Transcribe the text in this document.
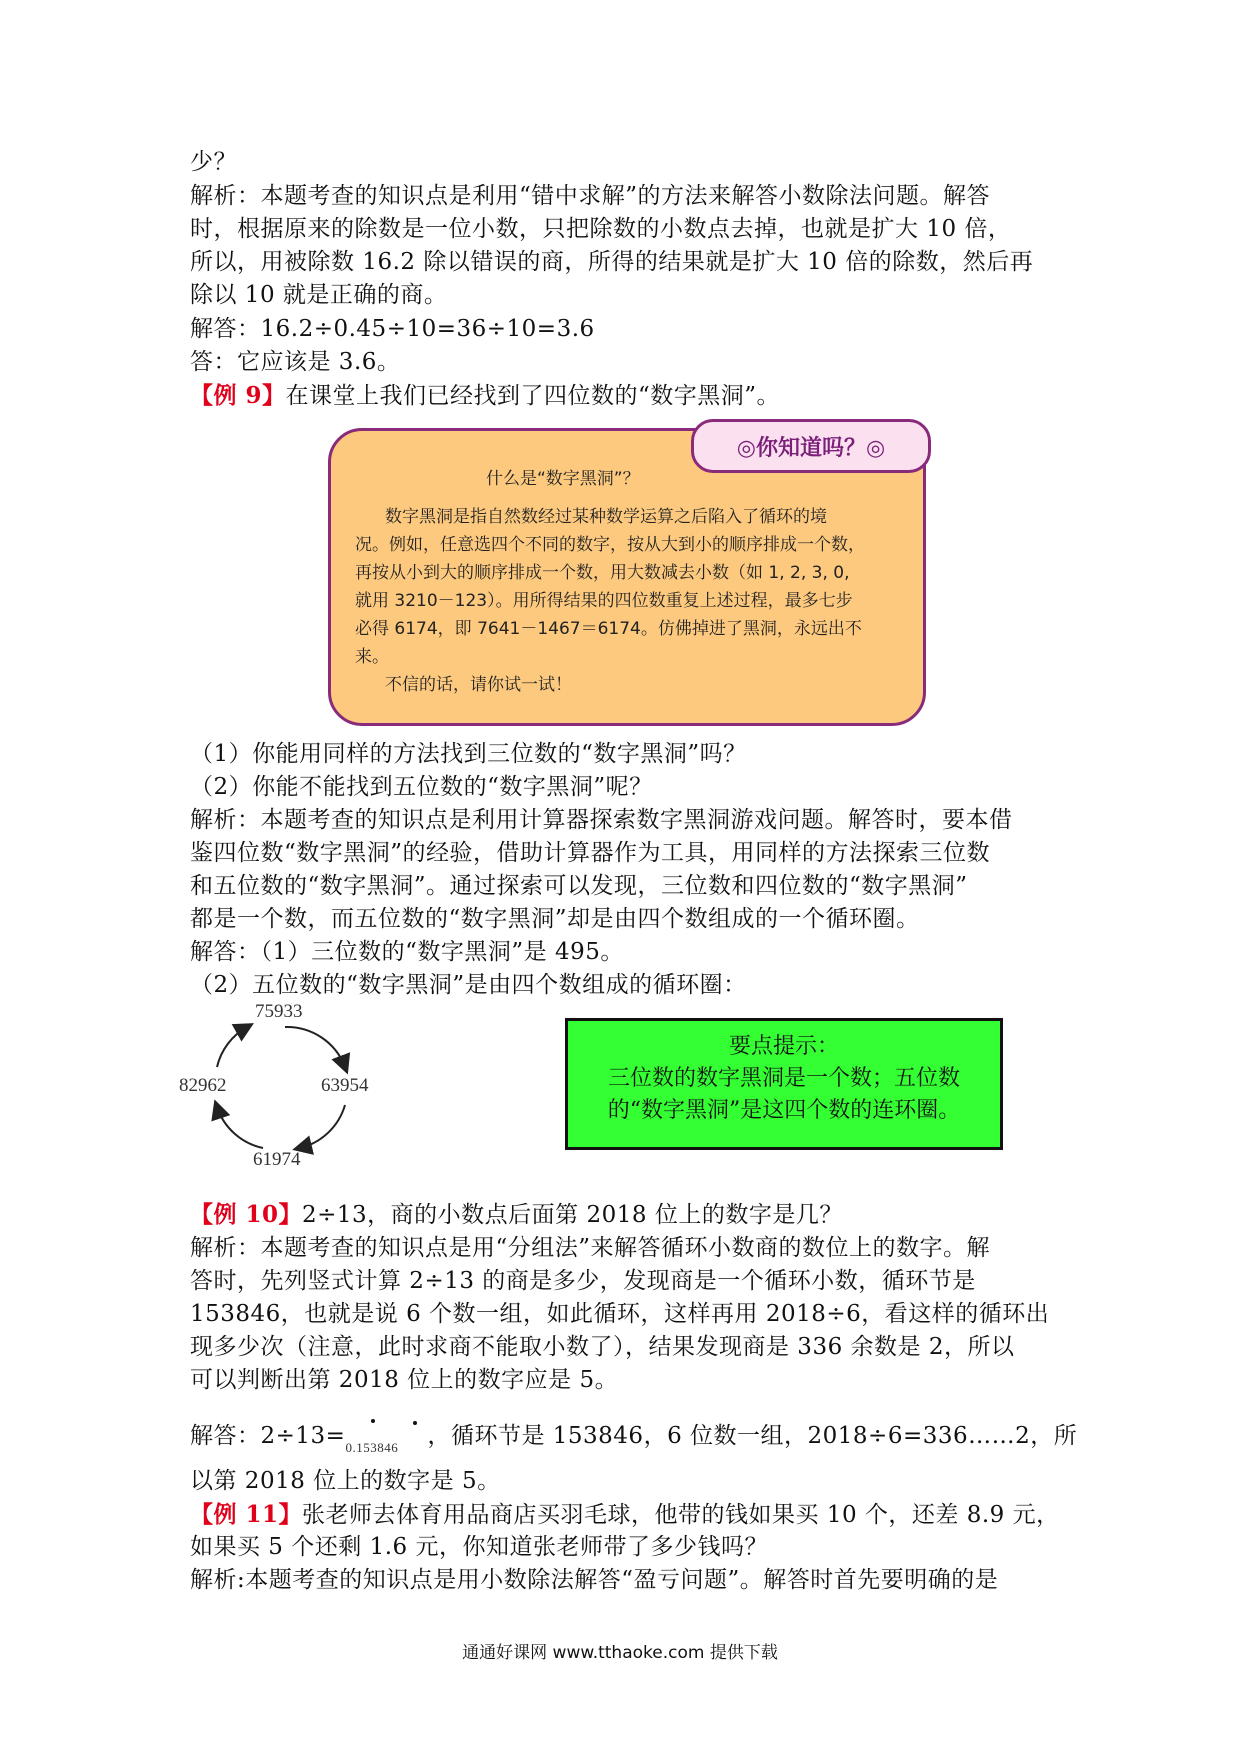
少？
解析：本题考查的知识点是利用“错中求解”的方法来解答小数除法问题。解答
时，根据原来的除数是一位小数，只把除数的小数点去掉，也就是扩大 10 倍，
所以，用被除数 16.2 除以错误的商，所得的结果就是扩大 10 倍的除数，然后再
除以 10 就是正确的商。
解答：16.2÷0.45÷10=36÷10=3.6
答：它应该是 3.6。
【例 9】在课堂上我们已经找到了四位数的“数字黑洞”。
◎你知道吗？◎
什么是“数字黑洞”？
数字黑洞是指自然数经过某种数学运算之后陷入了循环的境
况。例如，任意选四个不同的数字，按从大到小的顺序排成一个数，
再按从小到大的顺序排成一个数，用大数减去小数（如 1, 2, 3, 0,
就用 3210－123）。用所得结果的四位数重复上述过程，最多七步
必得 6174，即 7641－1467＝6174。仿佛掉进了黑洞，永远出不
来。
不信的话，请你试一试！
（1）你能用同样的方法找到三位数的“数字黑洞”吗？
（2）你能不能找到五位数的“数字黑洞”呢？
解析：本题考查的知识点是利用计算器探索数字黑洞游戏问题。解答时，要本借
鉴四位数“数字黑洞”的经验，借助计算器作为工具，用同样的方法探索三位数
和五位数的“数字黑洞”。通过探索可以发现，三位数和四位数的“数字黑洞”
都是一个数，而五位数的“数字黑洞”却是由四个数组成的一个循环圈。
解答：（1）三位数的“数字黑洞”是 495。
（2）五位数的“数字黑洞”是由四个数组成的循环圈：
75933
63954
61974
82962
要点提示：
三位数的数字黑洞是一个数；五位数
的“数字黑洞”是这四个数的连环圈。
【例 10】2÷13，商的小数点后面第 2018 位上的数字是几？
解析：本题考查的知识点是用“分组法”来解答循环小数商的数位上的数字。解
答时，先列竖式计算 2÷13 的商是多少，发现商是一个循环小数，循环节是
153846，也就是说 6 个数一组，如此循环，这样再用 2018÷6，看这样的循环出
现多少次（注意，此时求商不能取小数了），结果发现商是 336 余数是 2，所以
可以判断出第 2018 位上的数字应是 5。
解答：2÷13= 0.153846 ，循环节是 153846，6 位数一组，2018÷6=336……2，所
以第 2018 位上的数字是 5。
【例 11】张老师去体育用品商店买羽毛球，他带的钱如果买 10 个，还差 8.9 元，
如果买 5 个还剩 1.6 元，你知道张老师带了多少钱吗？
解析:本题考查的知识点是用小数除法解答“盈亏问题”。解答时首先要明确的是
通通好课网 www.tthaoke.com 提供下载
